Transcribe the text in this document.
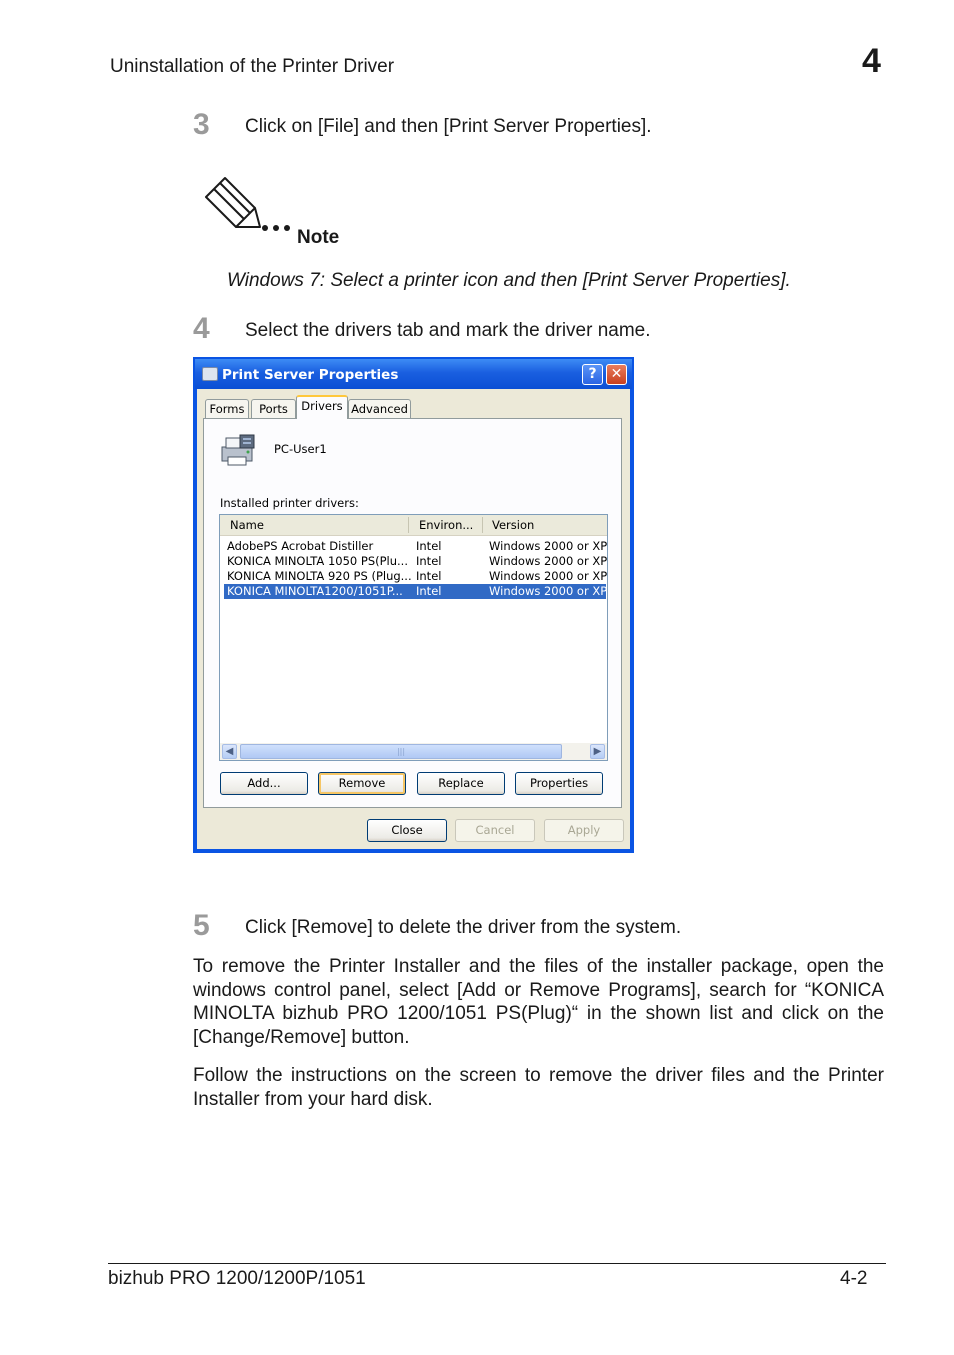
Uninstallation of the Printer Driver	4
3 Click on [File] and then [Print Server Properties].
Note
Windows 7: Select a printer icon and then [Print Server Properties].
4 Select the drivers tab and mark the driver name.
Print Server Properties	?	✕
Forms	Ports	Drivers Advanced
PC-User1
Installed printer drivers:
Name	Environ... Version
AdobePS Acrobat Distiller	Intel	Windows 2000 or XP
KONICA MINOLTA 1050 PS(Plu... Intel	Windows 2000 or XP
KONICA MINOLTA 920 PS (Plug... Intel	Windows 2000 or XP
KONICA MINOLTA1200/1051P... Intel	Windows 2000 or XP
◀	|||	▶
Add...	Remove	Replace	Properties
Close	Cancel	Apply
5 Click [Remove] to delete the driver from the system.
To remove the Printer Installer and the files of the installer package, open the windows control panel, select [Add or Remove Programs], search for “KONICA MINOLTA bizhub PRO 1200/1051 PS(Plug)“ in the shown list and click on the [Change/Remove] button.
Follow the instructions on the screen to remove the driver files and the Printer Installer from your hard disk.
bizhub PRO 1200/1200P/1051	4-2
